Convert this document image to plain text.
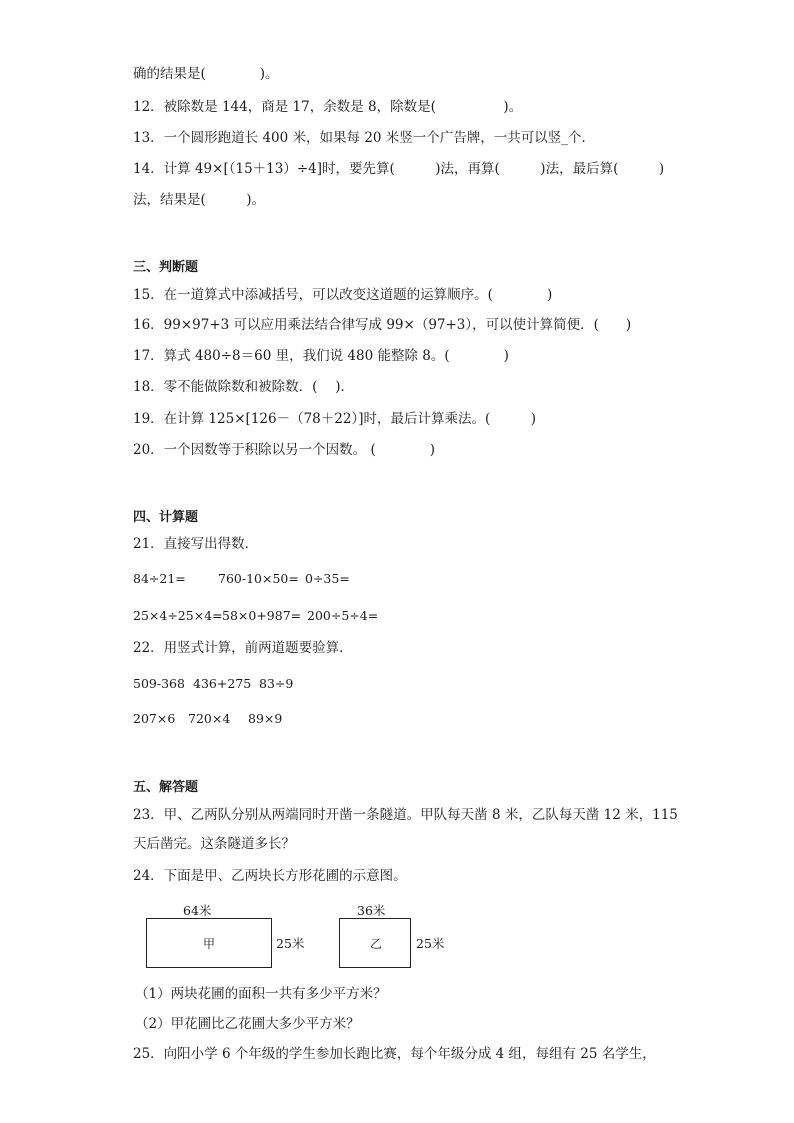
确的结果是(　　　　)。
12．被除数是 144，商是 17，余数是 8，除数是(　　　　　)。
13．一个圆形跑道长 400 米，如果每 20 米竖一个广告牌，一共可以竖_个．
14．计算 49×[（15＋13）÷4]时，要先算(　　　)法，再算(　　　)法，最后算(　　　)
法，结果是(　　　)。
三、判断题
15．在一道算式中添减括号，可以改变这道题的运算顺序。(　　　　)
16．99×97+3 可以应用乘法结合律写成 99×（97+3），可以使计算简便．(　　)
17．算式 480÷8＝60 里，我们说 480 能整除 8。(　　　　)
18．零不能做除数和被除数．(　 )．
19．在计算 125×[126－（78＋22）]时，最后计算乘法。(　　　)
20．一个因数等于积除以另一个因数。 (　　　　)
四、计算题
21．直接写出得数．
84÷21=	760-10×50= 0÷35=
25×4÷25×4= 58×0+987= 200÷5÷4=
22．用竖式计算，前两道题要验算．
509-368 436+275 83÷9
207×6 720×4 89×9
五、解答题
23．甲、乙两队分别从两端同时开凿一条隧道。甲队每天凿 8 米，乙队每天凿 12 米，115
天后凿完。这条隧道多长？
24．下面是甲、乙两块长方形花圃的示意图。
64米
甲	25米
36米
乙	25米
（1）两块花圃的面积一共有多少平方米？
（2）甲花圃比乙花圃大多少平方米？
25．向阳小学 6 个年级的学生参加长跑比赛，每个年级分成 4 组，每组有 25 名学生，
